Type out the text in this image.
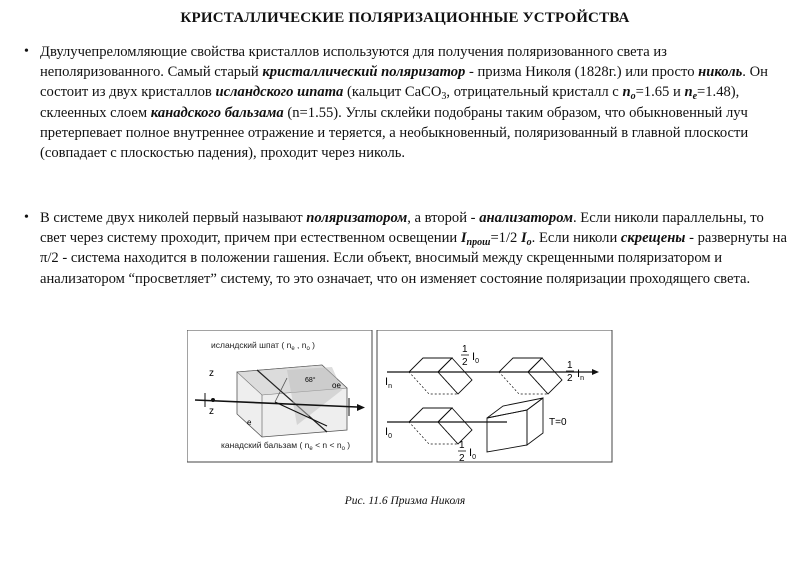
КРИСТАЛЛИЧЕСКИЕ ПОЛЯРИЗАЦИОННЫЕ УСТРОЙСТВА
• Двулучепреломляющие свойства кристаллов используются для получения поляризованного света из неполяризованного. Самый старый кристаллический поляризатор - призма Николя (1828г.) или просто николь. Он состоит из двух кристаллов исландского шпата (кальцит CaCO$_3$, отрицательный кристалл с $n_o=1.65$ и $n_e=1.48$), склеенных слоем канадского бальзама (n=1.55). Углы склейки подобраны таким образом, что обыкновенный луч претерпевает полное внутреннее отражение и теряется, а необыкновенный, поляризованный в главной плоскости (совпадает с плоскостью падения), проходит через николь.
• В системе двух николей первый называют поляризатором, а второй - анализатором. Если николи параллельны, то свет через систему проходит, причем при естественном освещении $I_{прош}=1/2$ $I_о$. Если николи скрещены - развернуты на π/2 - система находится в положении гашения. Если объект, вносимый между скрещенными поляризатором и анализатором “просветляет” систему, то это означает, что он изменяет состояние поляризации проходящего света.
исландский шпат ( $n_e$ , $n_o$ )
z
z
oe
e
68°
канадский бальзам ( $n_e < n < n_o$ )
1
2 $I_0$
$I_n$
1
2 $I_n$
$I_0$
1
2 $I_0$
T=0
Рис. 11.6 Призма Николя
